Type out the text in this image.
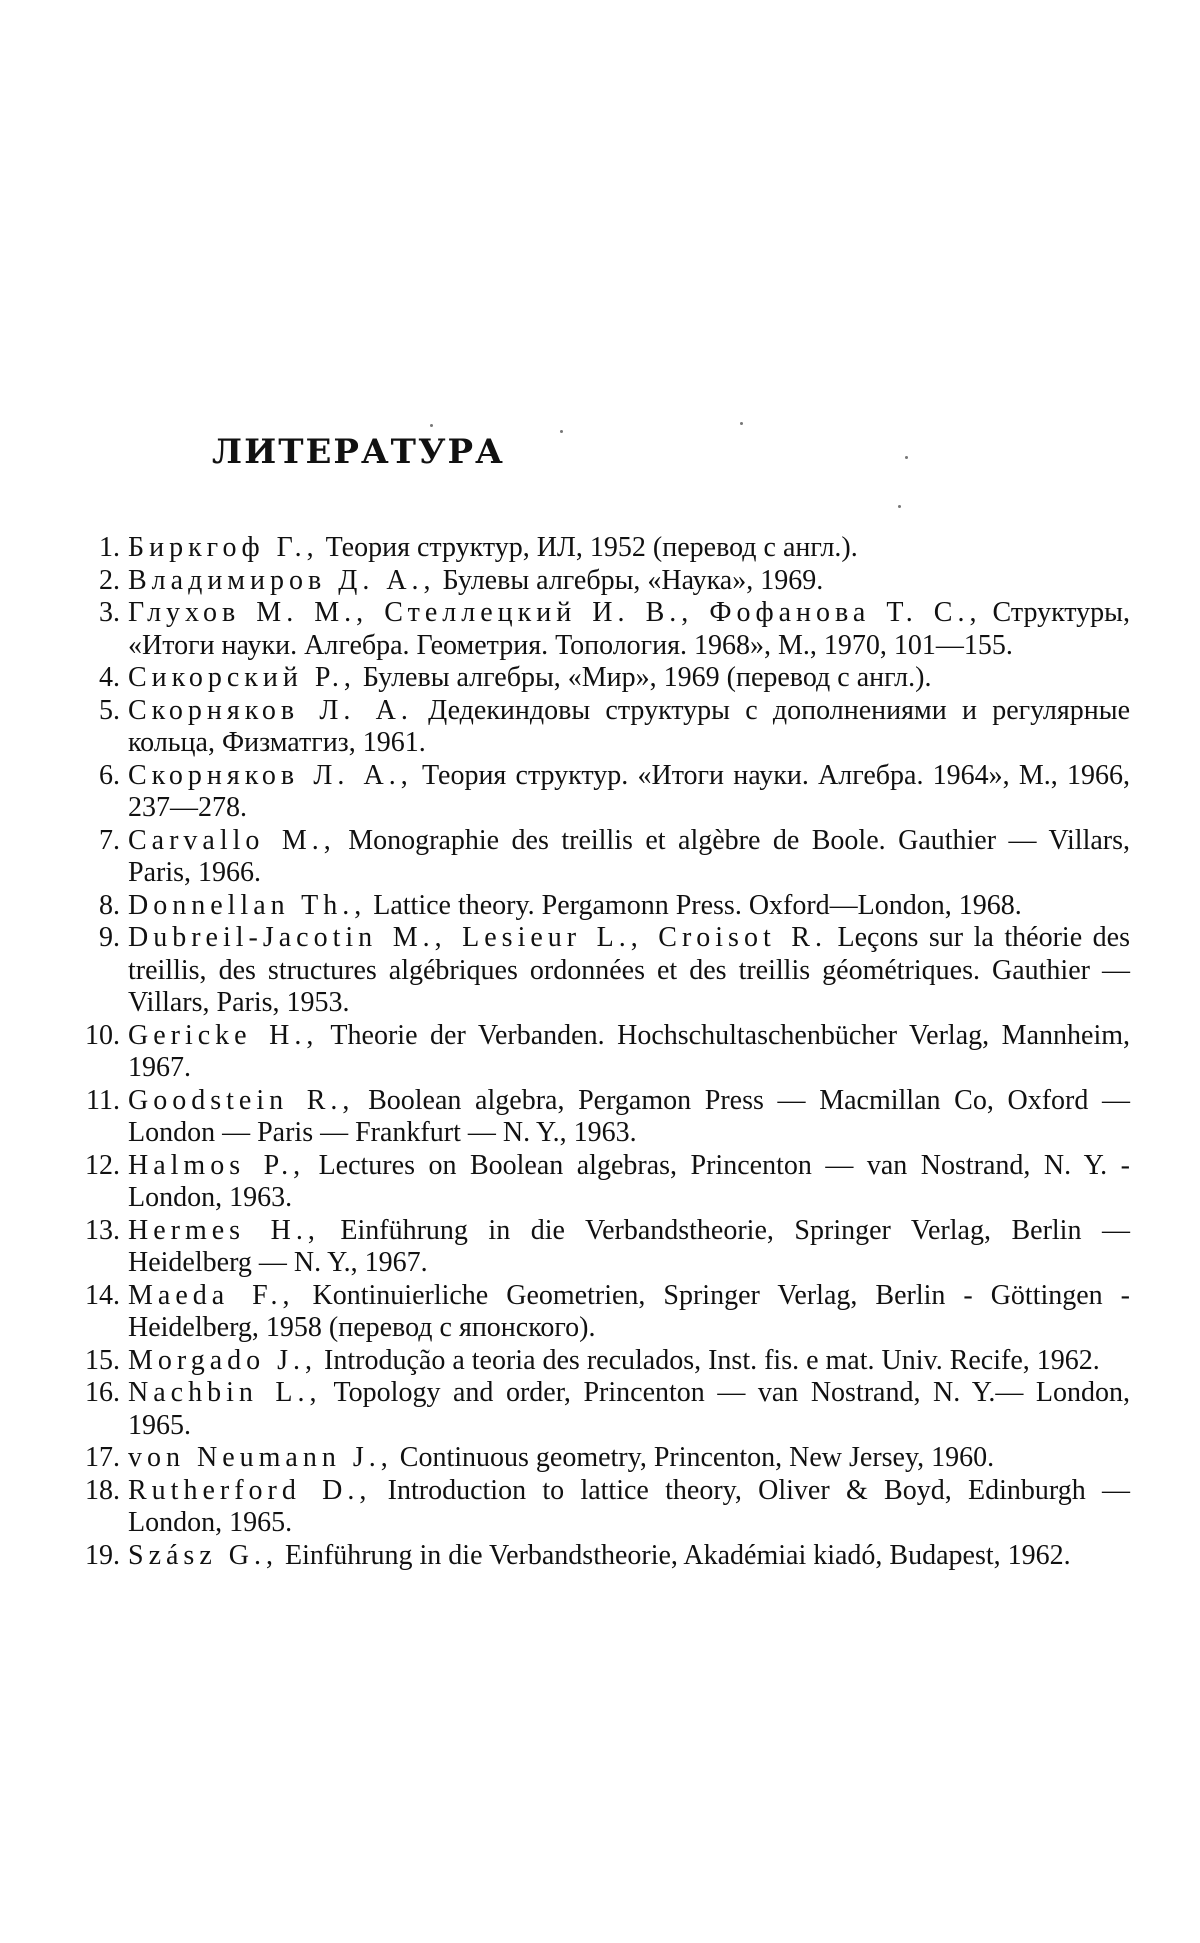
ЛИТЕРАТУРА
1. Биркгоф Г., Теория структур, ИЛ, 1952 (перевод с англ.).
2. Владимиров Д. А., Булевы алгебры, «Наука», 1969.
3. Глухов М. М., Стеллецкий И. В., Фофанова Т. С., Структуры, «Итоги науки. Алгебра. Геометрия. Топология. 1968», М., 1970, 101—155.
4. Сикорский Р., Булевы алгебры, «Мир», 1969 (перевод с англ.).
5. Скорняков Л. А. Дедекиндовы структуры с дополнениями и регулярные кольца, Физматгиз, 1961.
6. Скорняков Л. А., Теория структур. «Итоги науки. Алгебра. 1964», М., 1966, 237—278.
7. Carvallo M., Monographie des treillis et algèbre de Boole. Gauthier — Villars, Paris, 1966.
8. Donnellan Th., Lattice theory. Pergamonn Press. Oxford—London, 1968.
9. Dubreil-Jacotin M., Lesieur L., Croisot R. Leçons sur la théorie des treillis, des structures algébriques ordonnées et des treillis géométriques. Gauthier — Villars, Paris, 1953.
10. Gericke H., Theorie der Verbanden. Hochschultaschenbücher Verlag, Mannheim, 1967.
11. Goodstein R., Boolean algebra, Pergamon Press — Macmillan Co, Oxford — London — Paris — Frankfurt — N. Y., 1963.
12. Halmos P., Lectures on Boolean algebras, Princenton — van Nostrand, N. Y. - London, 1963.
13. Hermes H., Einführung in die Verbandstheorie, Springer Verlag, Berlin — Heidelberg — N. Y., 1967.
14. Maeda F., Kontinuierliche Geometrien, Springer Verlag, Berlin - Göttingen - Heidelberg, 1958 (перевод с японского).
15. Morgado J., Introdução a teoria des reculados, Inst. fis. e mat. Univ. Recife, 1962.
16. Nachbin L., Topology and order, Princenton — van Nostrand, N. Y.— London, 1965.
17. von Neumann J., Continuous geometry, Princenton, New Jersey, 1960.
18. Rutherford D., Introduction to lattice theory, Oliver & Boyd, Edinburgh — London, 1965.
19. Szász G., Einführung in die Verbandstheorie, Akadémiai kiadó, Budapest, 1962.
